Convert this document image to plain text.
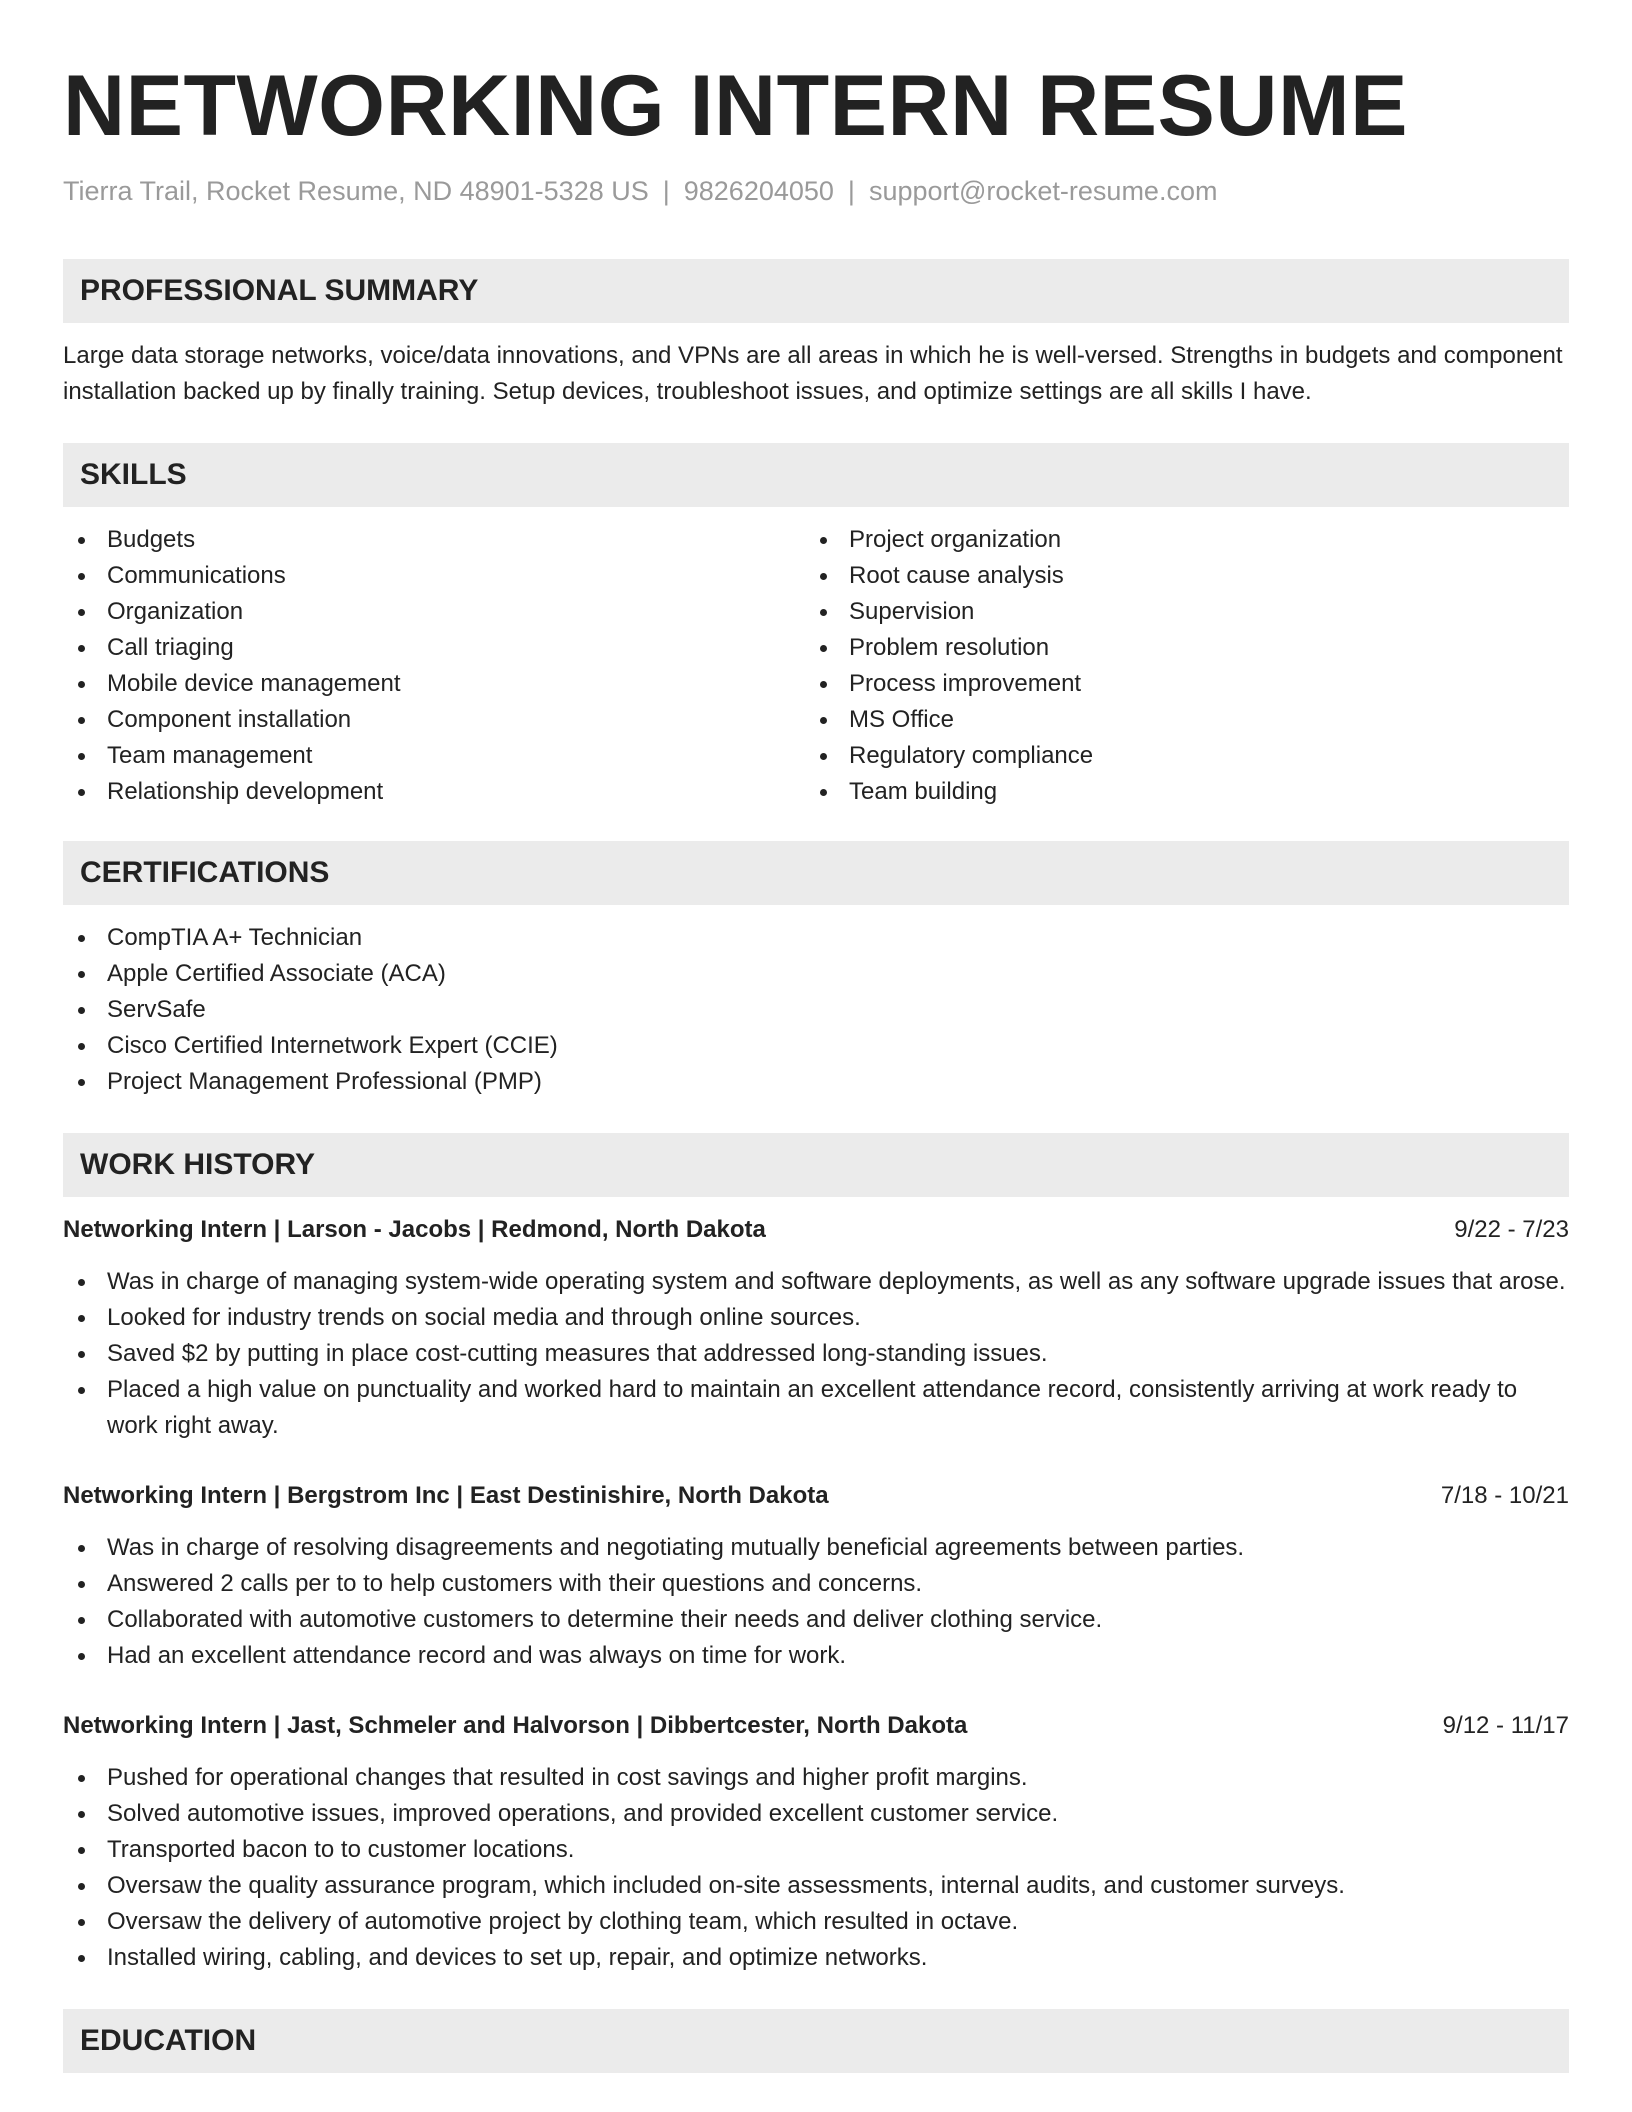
NETWORKING INTERN RESUME
Tierra Trail, Rocket Resume, ND 48901-5328 US | 9826204050 | support@rocket-resume.com
PROFESSIONAL SUMMARY

Large data storage networks, voice/data innovations, and VPNs are all areas in which he is well-versed. Strengths in budgets and component installation backed up by finally training. Setup devices, troubleshoot issues, and optimize settings are all skills I have.

SKILLS
Budgets
Communications
Organization
Call triaging
Mobile device management
Component installation
Team management
Relationship development
Project organization
Root cause analysis
Supervision
Problem resolution
Process improvement
MS Office
Regulatory compliance
Team building
CERTIFICATIONS
CompTIA A+ Technician
Apple Certified Associate (ACA)
ServSafe
Cisco Certified Internetwork Expert (CCIE)
Project Management Professional (PMP)
WORK HISTORY
Networking Intern | Larson - Jacobs | Redmond, North Dakota	9/22 - 7/23
Was in charge of managing system-wide operating system and software deployments, as well as any software upgrade issues that arose.
Looked for industry trends on social media and through online sources.
Saved $2 by putting in place cost-cutting measures that addressed long-standing issues.
Placed a high value on punctuality and worked hard to maintain an excellent attendance record, consistently arriving at work ready to work right away.
Networking Intern | Bergstrom Inc | East Destinishire, North Dakota	7/18 - 10/21
Was in charge of resolving disagreements and negotiating mutually beneficial agreements between parties.
Answered 2 calls per to to help customers with their questions and concerns.
Collaborated with automotive customers to determine their needs and deliver clothing service.
Had an excellent attendance record and was always on time for work.
Networking Intern | Jast, Schmeler and Halvorson | Dibbertcester, North Dakota	9/12 - 11/17
Pushed for operational changes that resulted in cost savings and higher profit margins.
Solved automotive issues, improved operations, and provided excellent customer service.
Transported bacon to to customer locations.
Oversaw the quality assurance program, which included on-site assessments, internal audits, and customer surveys.
Oversaw the delivery of automotive project by clothing team, which resulted in octave.
Installed wiring, cabling, and devices to set up, repair, and optimize networks.
EDUCATION
